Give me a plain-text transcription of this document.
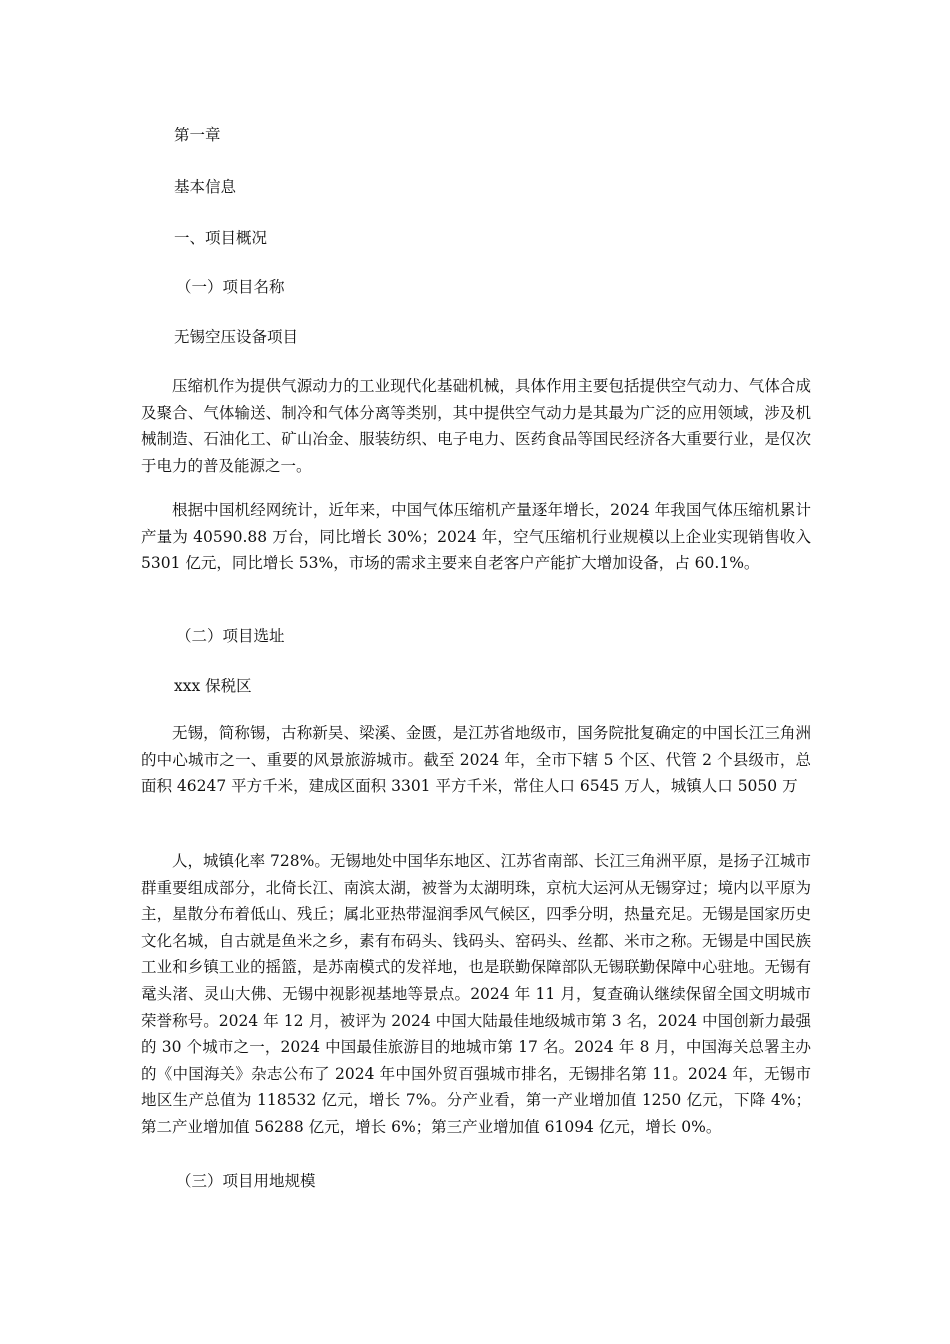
第一章
基本信息
一、项目概况
（一）项目名称
无锡空压设备项目

压缩机作为提供气源动力的工业现代化基础机械，具体作用主要包括提供空气动力、气体合成及聚合、气体输送、制冷和气体分离等类别，其中提供空气动力是其最为广泛的应用领域，涉及机械制造、石油化工、矿山冶金、服装纺织、电子电力、医药食品等国民经济各大重要行业，是仅次于电力的普及能源之一。

根据中国机经网统计，近年来，中国气体压缩机产量逐年增长，2024 年我国气体压缩机累计产量为 40590.88 万台，同比增长 30%；2024 年，空气压缩机行业规模以上企业实现销售收入 5301 亿元，同比增长 53%，市场的需求主要来自老客户产能扩大增加设备，占 60.1%。

（二）项目选址
xxx 保税区

无锡，简称锡，古称新吴、梁溪、金匮，是江苏省地级市，国务院批复确定的中国长江三角洲的中心城市之一、重要的风景旅游城市。截至 2024 年，全市下辖 5 个区、代管 2 个县级市，总面积 46247 平方千米，建成区面积 3301 平方千米，常住人口 6545 万人，城镇人口 5050 万

人，城镇化率 728%。无锡地处中国华东地区、江苏省南部、长江三角洲平原，是扬子江城市群重要组成部分，北倚长江、南滨太湖，被誉为太湖明珠，京杭大运河从无锡穿过；境内以平原为主，星散分布着低山、残丘；属北亚热带湿润季风气候区，四季分明，热量充足。无锡是国家历史文化名城，自古就是鱼米之乡，素有布码头、钱码头、窑码头、丝都、米市之称。无锡是中国民族工业和乡镇工业的摇篮，是苏南模式的发祥地，也是联勤保障部队无锡联勤保障中心驻地。无锡有鼋头渚、灵山大佛、无锡中视影视基地等景点。2024 年 11 月，复查确认继续保留全国文明城市荣誉称号。2024 年 12 月，被评为 2024 中国大陆最佳地级城市第 3 名，2024 中国创新力最强的 30 个城市之一，2024 中国最佳旅游目的地城市第 17 名。2024 年 8 月，中国海关总署主办的《中国海关》杂志公布了 2024 年中国外贸百强城市排名，无锡排名第 11。2024 年，无锡市地区生产总值为 118532 亿元，增长 7%。分产业看，第一产业增加值 1250 亿元，下降 4%；第二产业增加值 56288 亿元，增长 6%；第三产业增加值 61094 亿元，增长 0%。

（三）项目用地规模
